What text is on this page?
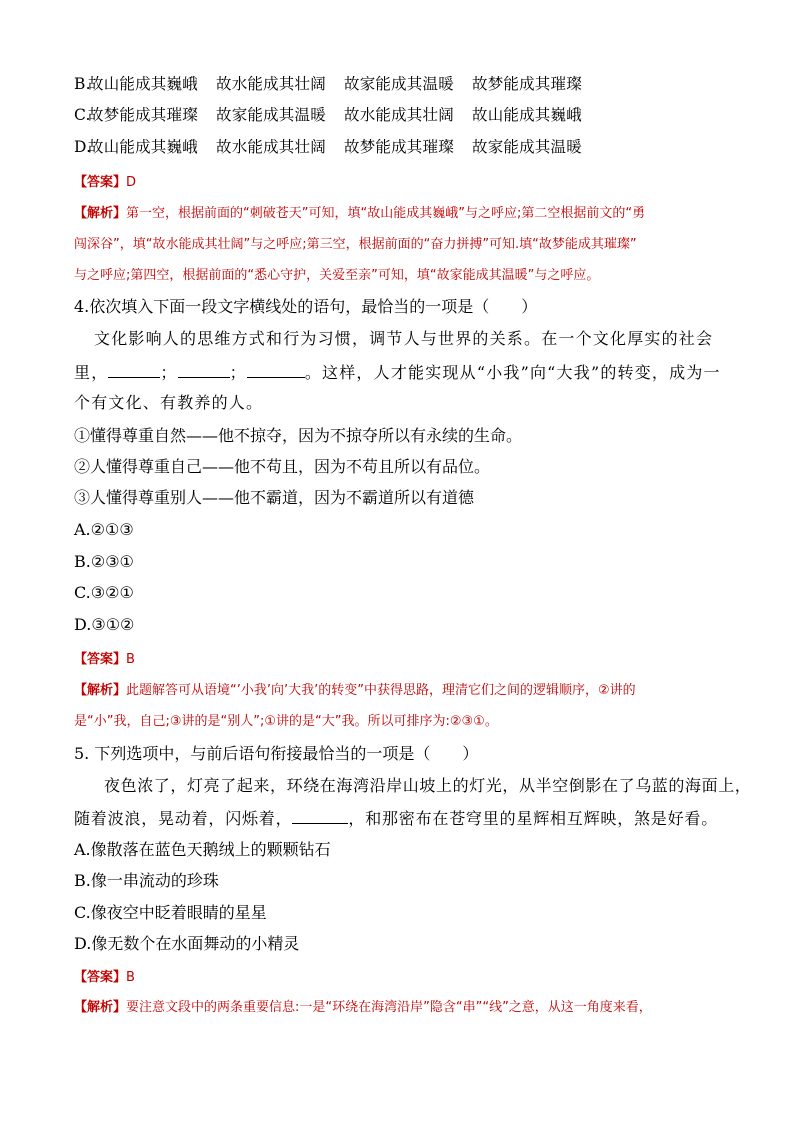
B.故山能成其巍峨 故水能成其壮阔 故家能成其温暖 故梦能成其璀璨
C.故梦能成其璀璨 故家能成其温暖 故水能成其壮阔 故山能成其巍峨
D.故山能成其巍峨 故水能成其壮阔 故梦能成其璀璨 故家能成其温暖
【答案】D
【解析】第一空，根据前面的“刺破苍天”可知，填“故山能成其巍峨”与之呼应;第二空根据前文的“勇
闯深谷”，填“故水能成其壮阔”与之呼应;第三空，根据前面的“奋力拼搏”可知.填“故梦能成其璀璨”
与之呼应;第四空，根据前面的“悉心守护，关爱至亲”可知，填“故家能成其温暖”与之呼应。
4.依次填入下面一段文字横线处的语句，最恰当的一项是（　　）
文化影响人的思维方式和行为习惯，调节人与世界的关系。在一个文化厚实的社会
里，	；	；	。这样，人才能实现从“小我”向“大我”的转变，成为一
个有文化、有教养的人。
①懂得尊重自然——他不掠夺，因为不掠夺所以有永续的生命。
②人懂得尊重自己——他不苟且，因为不苟且所以有品位。
③人懂得尊重别人——他不霸道，因为不霸道所以有道德
A.②①③
B.②③①
C.③②①
D.③①②
【答案】B
【解析】此题解答可从语境“’小我’向’大我’的转变”中获得思路，理清它们之间的逻辑顺序，②讲的
是“小”我，自己;③讲的是“别人”;①讲的是“大”我。所以可排序为:②③①。
5. 下列选项中，与前后语句衔接最恰当的一项是（　　）
夜色浓了，灯亮了起来，环绕在海湾沿岸山坡上的灯光，从半空倒影在了乌蓝的海面上，
随着波浪，晃动着，闪烁着，	，和那密布在苍穹里的星辉相互辉映，煞是好看。
A.像散落在蓝色天鹅绒上的颗颗钻石
B.像一串流动的珍珠
C.像夜空中眨着眼睛的星星
D.像无数个在水面舞动的小精灵
【答案】B
【解析】要注意文段中的两条重要信息:一是“环绕在海湾沿岸”隐含“串”“线”之意，从这一角度来看，
